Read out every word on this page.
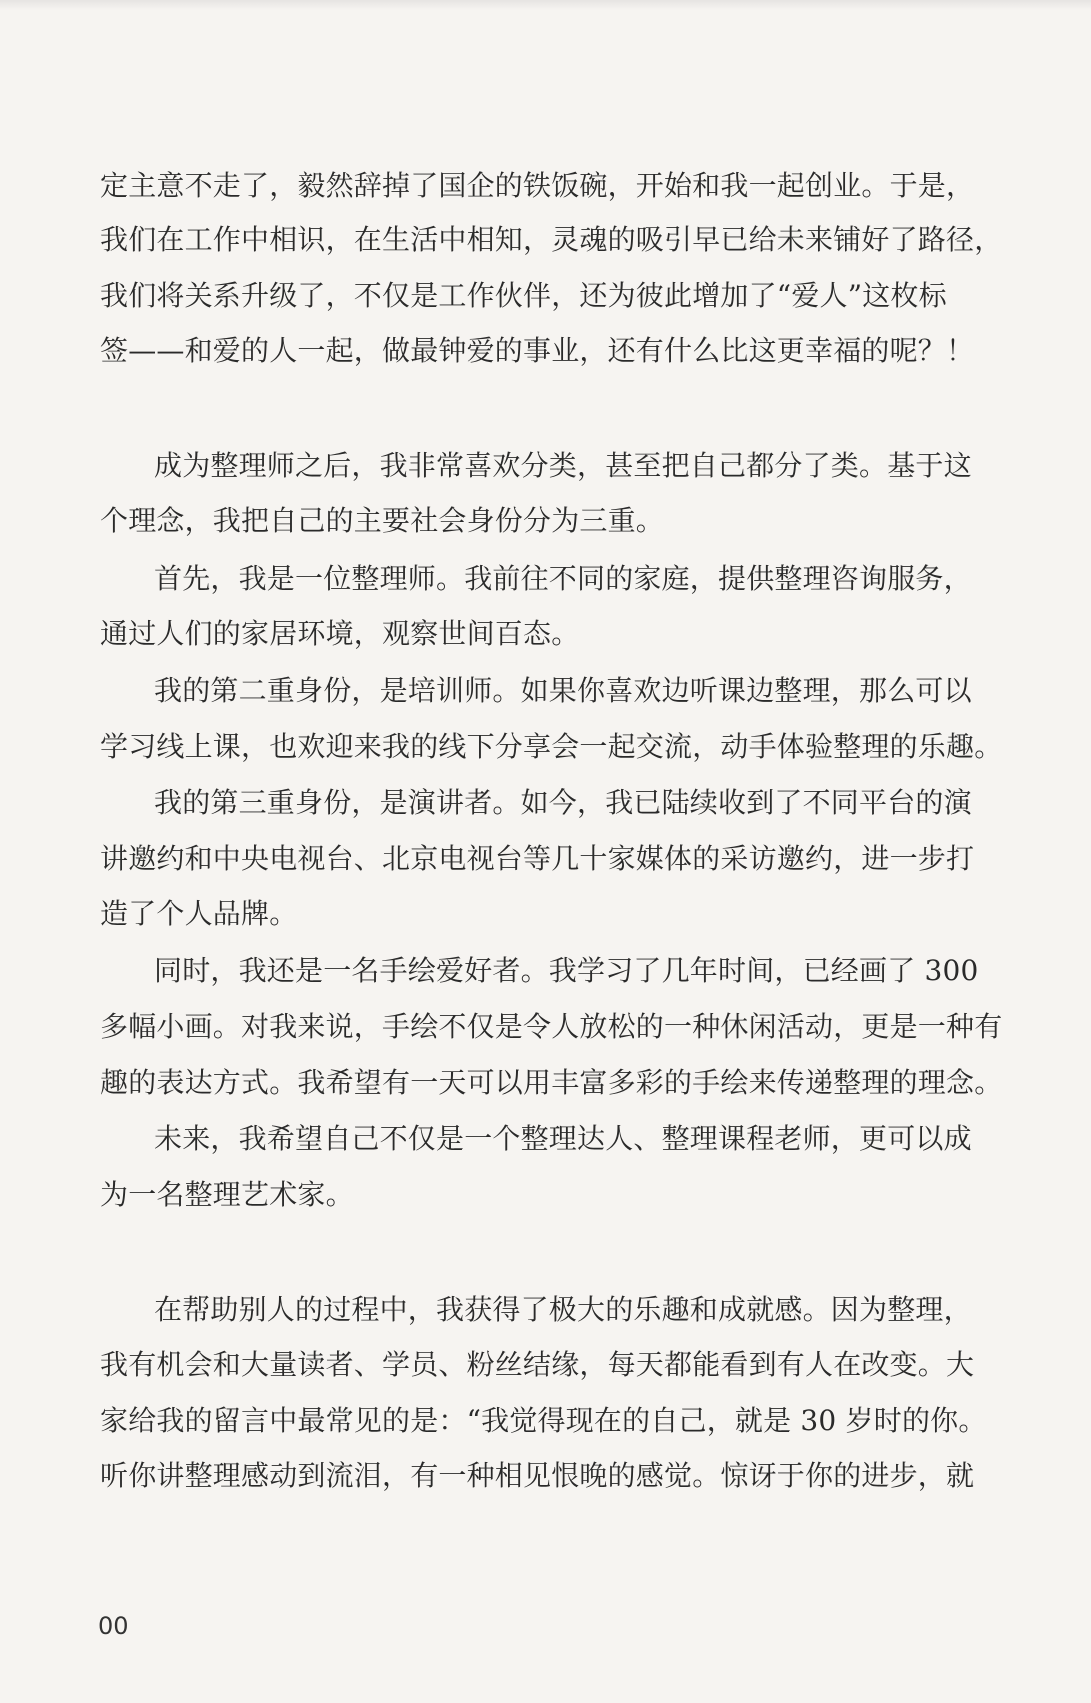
定主意不走了，毅然辞掉了国企的铁饭碗，开始和我一起创业。于是，
我们在工作中相识，在生活中相知，灵魂的吸引早已给未来铺好了路径，
我们将关系升级了，不仅是工作伙伴，还为彼此增加了“爱人”这枚标
签——和爱的人一起，做最钟爱的事业，还有什么比这更幸福的呢？！
成为整理师之后，我非常喜欢分类，甚至把自己都分了类。基于这
个理念，我把自己的主要社会身份分为三重。
首先，我是一位整理师。我前往不同的家庭，提供整理咨询服务，
通过人们的家居环境，观察世间百态。
我的第二重身份，是培训师。如果你喜欢边听课边整理，那么可以
学习线上课，也欢迎来我的线下分享会一起交流，动手体验整理的乐趣。
我的第三重身份，是演讲者。如今，我已陆续收到了不同平台的演
讲邀约和中央电视台、北京电视台等几十家媒体的采访邀约，进一步打
造了个人品牌。
同时，我还是一名手绘爱好者。我学习了几年时间，已经画了 300
多幅小画。对我来说，手绘不仅是令人放松的一种休闲活动，更是一种有
趣的表达方式。我希望有一天可以用丰富多彩的手绘来传递整理的理念。
未来，我希望自己不仅是一个整理达人、整理课程老师，更可以成
为一名整理艺术家。
在帮助别人的过程中，我获得了极大的乐趣和成就感。因为整理，
我有机会和大量读者、学员、粉丝结缘，每天都能看到有人在改变。大
家给我的留言中最常见的是：“我觉得现在的自己，就是 30 岁时的你。
听你讲整理感动到流泪，有一种相见恨晚的感觉。惊讶于你的进步，就
00
